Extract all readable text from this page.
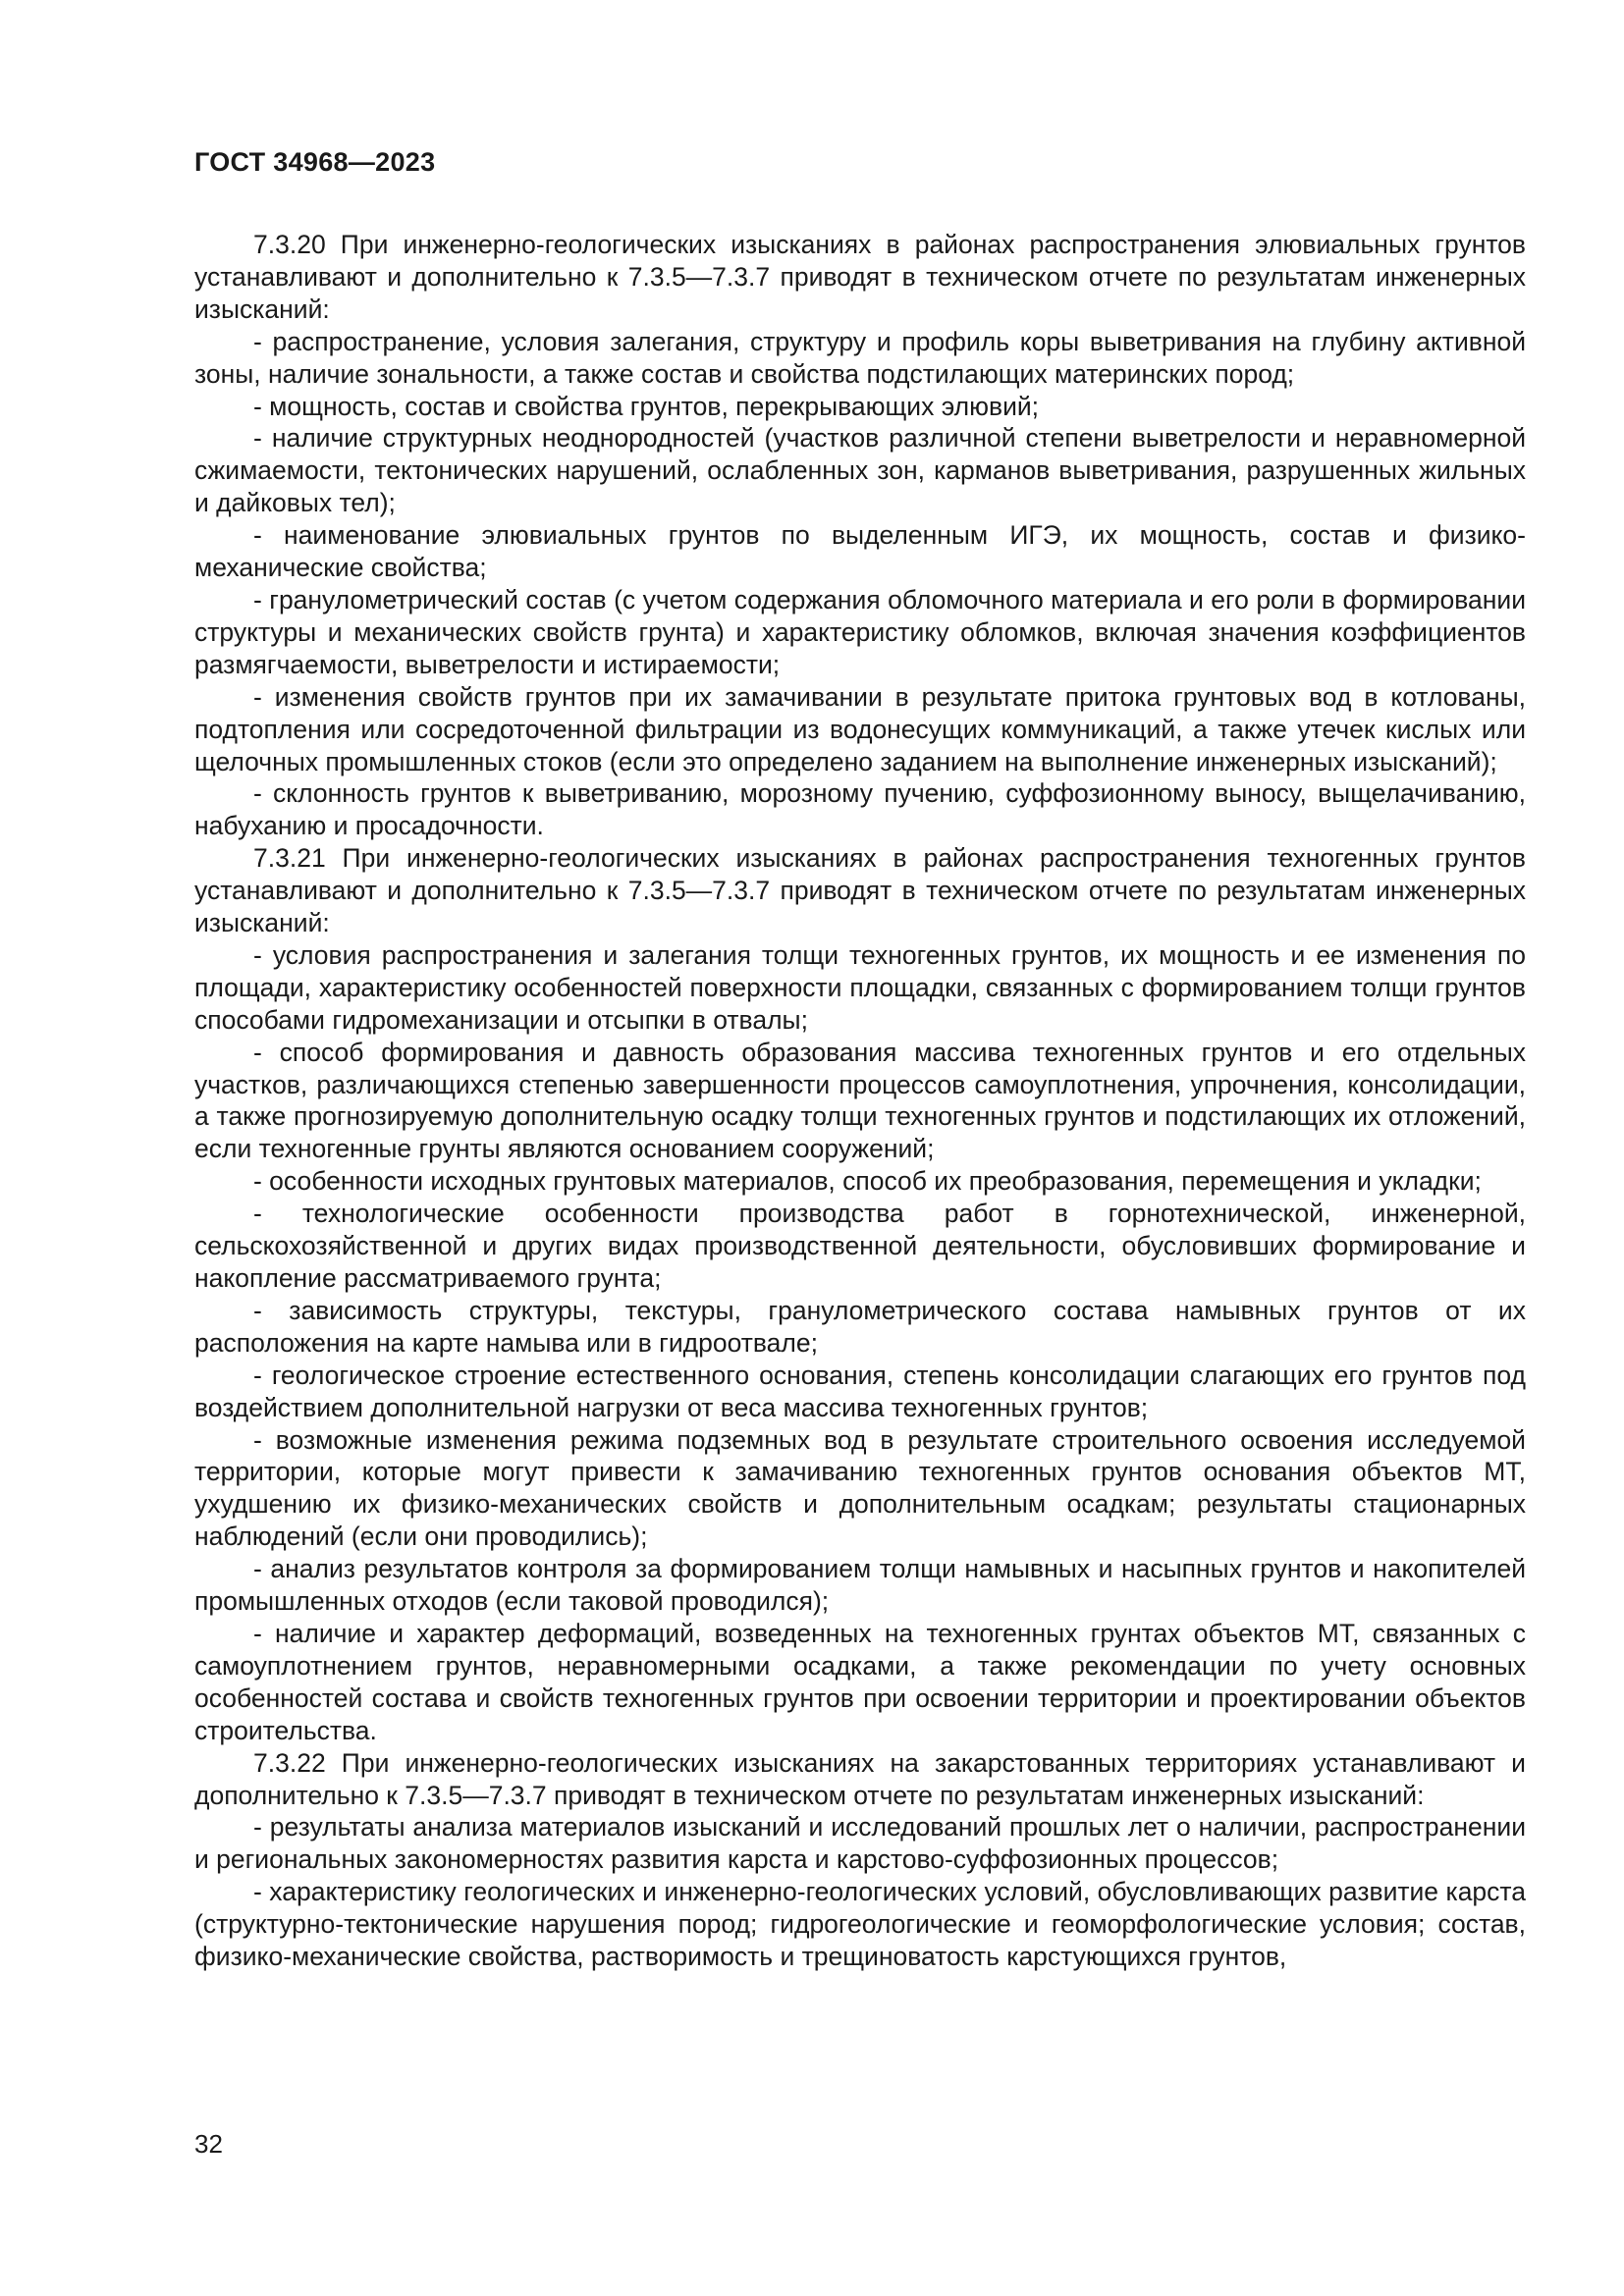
ГОСТ 34968—2023

7.3.20 При инженерно-геологических изысканиях в районах распространения элювиальных грунтов устанавливают и дополнительно к 7.3.5—7.3.7 приводят в техническом отчете по результатам инженерных изысканий:

- распространение, условия залегания, структуру и профиль коры выветривания на глубину активной зоны, наличие зональности, а также состав и свойства подстилающих материнских пород;

- мощность, состав и свойства грунтов, перекрывающих элювий;

- наличие структурных неоднородностей (участков различной степени выветрелости и неравномерной сжимаемости, тектонических нарушений, ослабленных зон, карманов выветривания, разрушенных жильных и дайковых тел);

- наименование элювиальных грунтов по выделенным ИГЭ, их мощность, состав и физико-механические свойства;

- гранулометрический состав (с учетом содержания обломочного материала и его роли в формировании структуры и механических свойств грунта) и характеристику обломков, включая значения коэффициентов размягчаемости, выветрелости и истираемости;

- изменения свойств грунтов при их замачивании в результате притока грунтовых вод в котлованы, подтопления или сосредоточенной фильтрации из водонесущих коммуникаций, а также утечек кислых или щелочных промышленных стоков (если это определено заданием на выполнение инженерных изысканий);

- склонность грунтов к выветриванию, морозному пучению, суффозионному выносу, выщелачиванию, набуханию и просадочности.

7.3.21 При инженерно-геологических изысканиях в районах распространения техногенных грунтов устанавливают и дополнительно к 7.3.5—7.3.7 приводят в техническом отчете по результатам инженерных изысканий:

- условия распространения и залегания толщи техногенных грунтов, их мощность и ее изменения по площади, характеристику особенностей поверхности площадки, связанных с формированием толщи грунтов способами гидромеханизации и отсыпки в отвалы;

- способ формирования и давность образования массива техногенных грунтов и его отдельных участков, различающихся степенью завершенности процессов самоуплотнения, упрочнения, консолидации, а также прогнозируемую дополнительную осадку толщи техногенных грунтов и подстилающих их отложений, если техногенные грунты являются основанием сооружений;

- особенности исходных грунтовых материалов, способ их преобразования, перемещения и укладки;

- технологические особенности производства работ в горнотехнической, инженерной, сельскохозяйственной и других видах производственной деятельности, обусловивших формирование и накопление рассматриваемого грунта;

- зависимость структуры, текстуры, гранулометрического состава намывных грунтов от их расположения на карте намыва или в гидроотвале;

- геологическое строение естественного основания, степень консолидации слагающих его грунтов под воздействием дополнительной нагрузки от веса массива техногенных грунтов;

- возможные изменения режима подземных вод в результате строительного освоения исследуемой территории, которые могут привести к замачиванию техногенных грунтов основания объектов МТ, ухудшению их физико-механических свойств и дополнительным осадкам; результаты стационарных наблюдений (если они проводились);

- анализ результатов контроля за формированием толщи намывных и насыпных грунтов и накопителей промышленных отходов (если таковой проводился);

- наличие и характер деформаций, возведенных на техногенных грунтах объектов МТ, связанных с самоуплотнением грунтов, неравномерными осадками, а также рекомендации по учету основных особенностей состава и свойств техногенных грунтов при освоении территории и проектировании объектов строительства.

7.3.22 При инженерно-геологических изысканиях на закарстованных территориях устанавливают и дополнительно к 7.3.5—7.3.7 приводят в техническом отчете по результатам инженерных изысканий:

- результаты анализа материалов изысканий и исследований прошлых лет о наличии, распространении и региональных закономерностях развития карста и карстово-суффозионных процессов;

- характеристику геологических и инженерно-геологических условий, обусловливающих развитие карста (структурно-тектонические нарушения пород; гидрогеологические и геоморфологические условия; состав, физико-механические свойства, растворимость и трещиноватость карстующихся грунтов,

32
